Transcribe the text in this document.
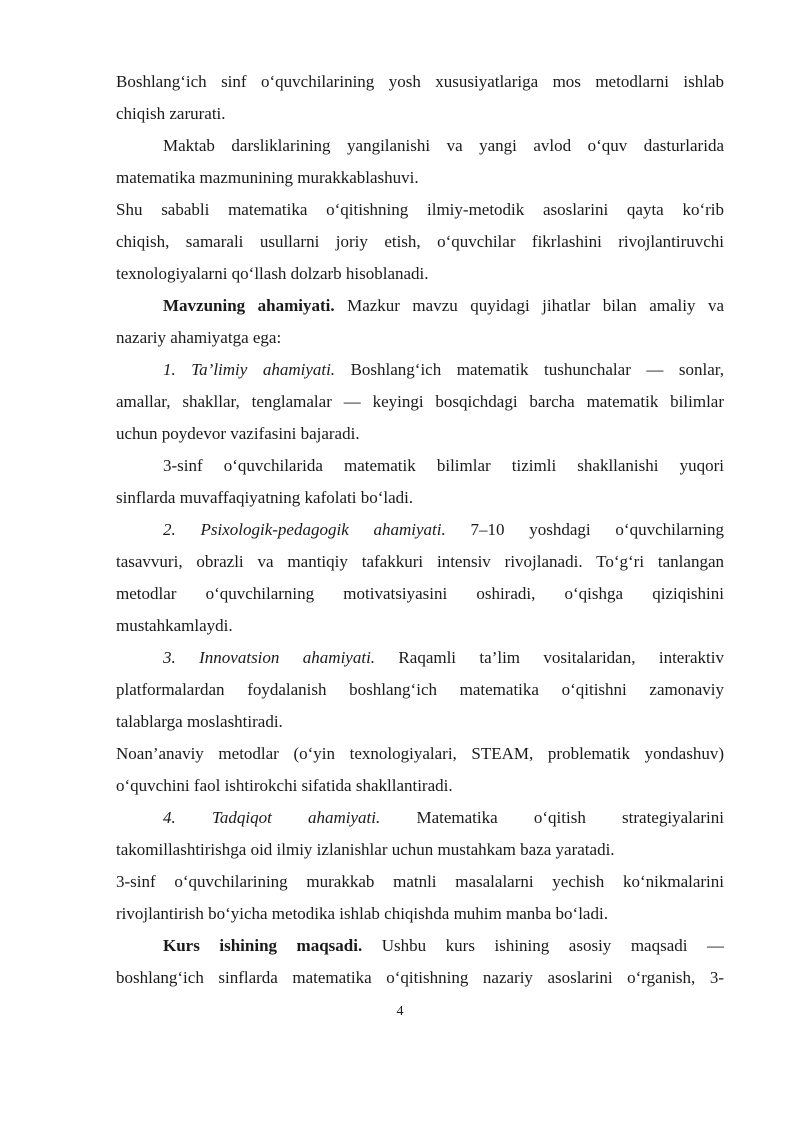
Boshlang‘ich sinf o‘quvchilarining yosh xususiyatlariga mos metodlarni ishlab
chiqish zarurati.
Maktab darsliklarining yangilanishi va yangi avlod o‘quv dasturlarida
matematika mazmunining murakkablashuvi.
Shu sababli matematika o‘qitishning ilmiy-metodik asoslarini qayta ko‘rib
chiqish, samarali usullarni joriy etish, o‘quvchilar fikrlashini rivojlantiruvchi
texnologiyalarni qo‘llash dolzarb hisoblanadi.
Mavzuning ahamiyati. Mazkur mavzu quyidagi jihatlar bilan amaliy va
nazariy ahamiyatga ega:
1. Ta’limiy ahamiyati. Boshlang‘ich matematik tushunchalar — sonlar,
amallar, shakllar, tenglamalar — keyingi bosqichdagi barcha matematik bilimlar
uchun poydevor vazifasini bajaradi.
3-sinf o‘quvchilarida matematik bilimlar tizimli shakllanishi yuqori
sinflarda muvaffaqiyatning kafolati bo‘ladi.
2. Psixologik-pedagogik ahamiyati. 7–10 yoshdagi o‘quvchilarning
tasavvuri, obrazli va mantiqiy tafakkuri intensiv rivojlanadi. To‘g‘ri tanlangan
metodlar o‘quvchilarning motivatsiyasini oshiradi, o‘qishga qiziqishini
mustahkamlaydi.
3. Innovatsion ahamiyati. Raqamli ta’lim vositalaridan, interaktiv
platformalardan foydalanish boshlang‘ich matematika o‘qitishni zamonaviy
talablarga moslashtiradi.
Noan’anaviy metodlar (o‘yin texnologiyalari, STEAM, problematik yondashuv)
o‘quvchini faol ishtirokchi sifatida shakllantiradi.
4. Tadqiqot ahamiyati. Matematika o‘qitish strategiyalarini
takomillashtirishga oid ilmiy izlanishlar uchun mustahkam baza yaratadi.
3-sinf o‘quvchilarining murakkab matnli masalalarni yechish ko‘nikmalarini
rivojlantirish bo‘yicha metodika ishlab chiqishda muhim manba bo‘ladi.
Kurs ishining maqsadi. Ushbu kurs ishining asosiy maqsadi —
boshlang‘ich sinflarda matematika o‘qitishning nazariy asoslarini o‘rganish, 3-
4
